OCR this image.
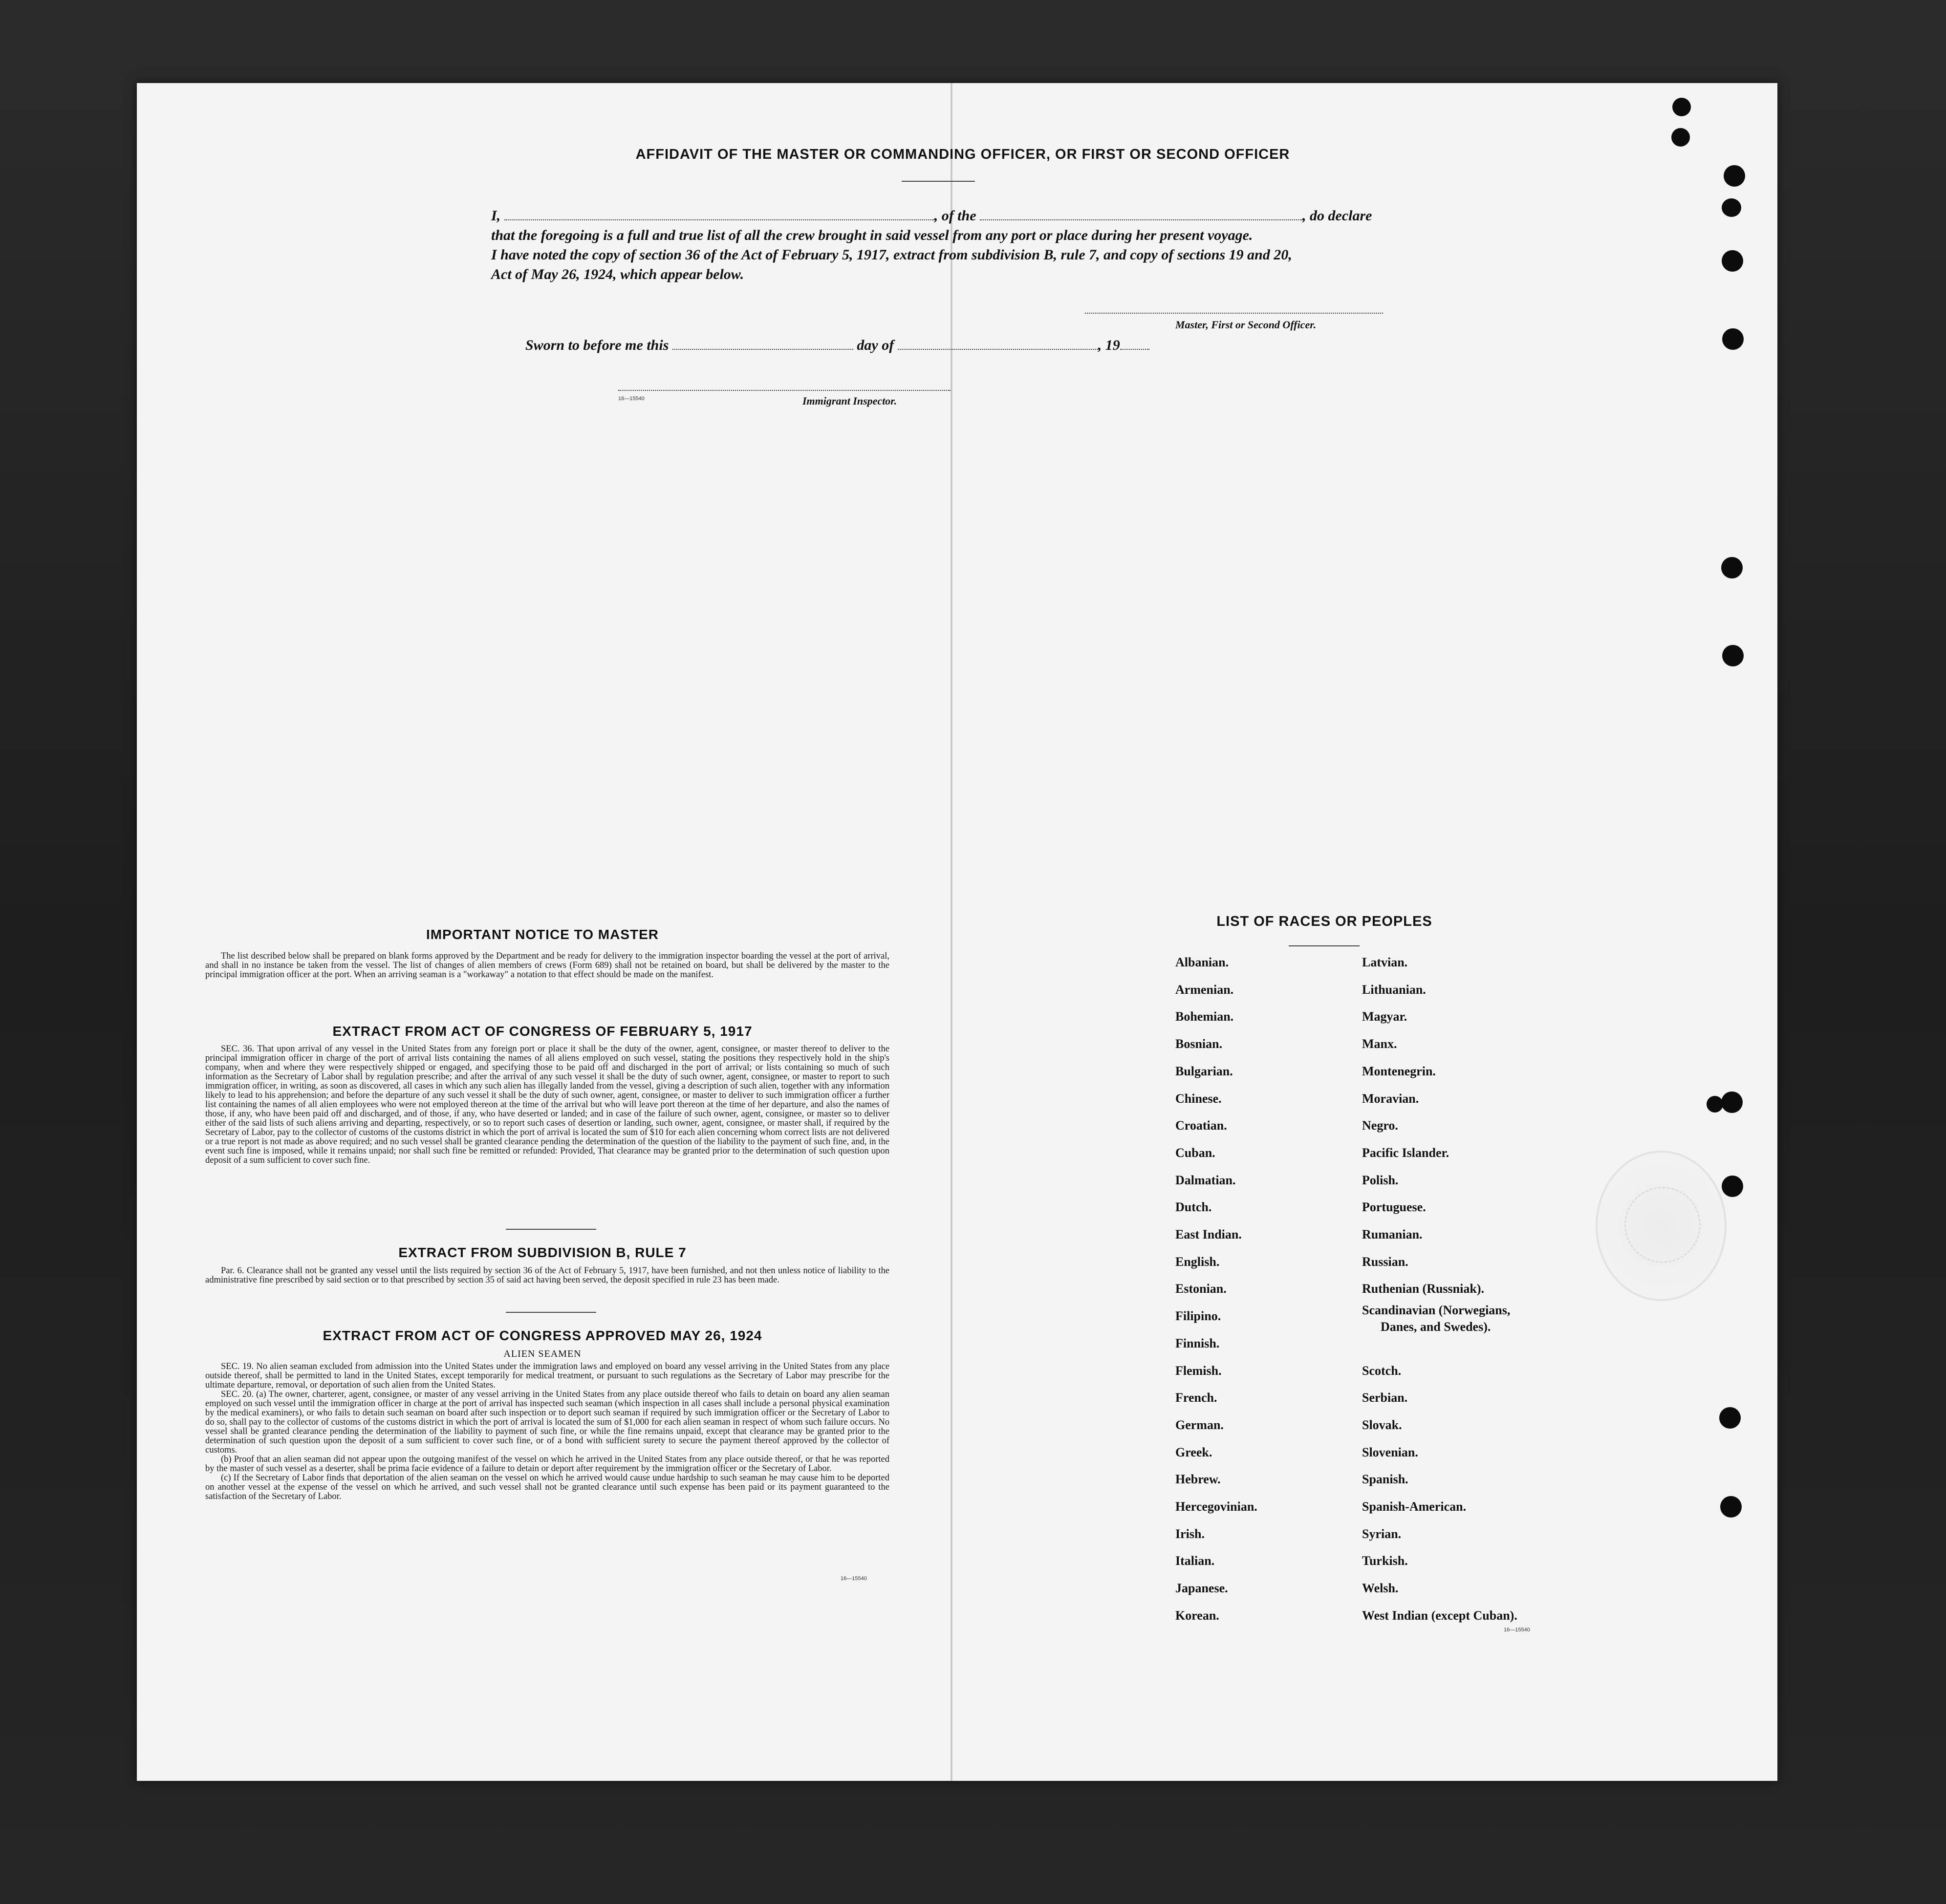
AFFIDAVIT OF THE MASTER OR COMMANDING OFFICER, OR FIRST OR SECOND OFFICER
I,	, of the	, do declare
that the foregoing is a full and true list of all the crew brought in said vessel from any port or place during her present voyage.
I have noted the copy of section 36 of the Act of February 5, 1917, extract from subdivision B, rule 7, and copy of sections 19 and 20,
Act of May 26, 1924, which appear below.
Master, First or Second Officer.
Sworn to before me this	day of	, 19
16—15540	Immigrant Inspector.
IMPORTANT NOTICE TO MASTER

The list described below shall be prepared on blank forms approved by the Department and be ready for delivery to the immigration inspector boarding the vessel at the port of arrival, and shall in no instance be taken from the vessel. The list of changes of alien members of crews (Form 689) shall not be retained on board, but shall be delivered by the master to the principal immigration officer at the port. When an arriving seaman is a "workaway" a notation to that effect should be made on the manifest.

EXTRACT FROM ACT OF CONGRESS OF FEBRUARY 5, 1917

SEC. 36. That upon arrival of any vessel in the United States from any foreign port or place it shall be the duty of the owner, agent, consignee, or master thereof to deliver to the principal immigration officer in charge of the port of arrival lists containing the names of all aliens employed on such vessel, stating the positions they respectively hold in the ship's company, when and where they were respectively shipped or engaged, and specifying those to be paid off and discharged in the port of arrival; or lists containing so much of such information as the Secretary of Labor shall by regulation prescribe; and after the arrival of any such vessel it shall be the duty of such owner, agent, consignee, or master to report to such immigration officer, in writing, as soon as discovered, all cases in which any such alien has illegally landed from the vessel, giving a description of such alien, together with any information likely to lead to his apprehension; and before the departure of any such vessel it shall be the duty of such owner, agent, consignee, or master to deliver to such immigration officer a further list containing the names of all alien employees who were not employed thereon at the time of the arrival but who will leave port thereon at the time of her departure, and also the names of those, if any, who have been paid off and discharged, and of those, if any, who have deserted or landed; and in case of the failure of such owner, agent, consignee, or master so to deliver either of the said lists of such aliens arriving and departing, respectively, or so to report such cases of desertion or landing, such owner, agent, consignee, or master shall, if required by the Secretary of Labor, pay to the collector of customs of the customs district in which the port of arrival is located the sum of $10 for each alien concerning whom correct lists are not delivered or a true report is not made as above required; and no such vessel shall be granted clearance pending the determination of the question of the liability to the payment of such fine, and, in the event such fine is imposed, while it remains unpaid; nor shall such fine be remitted or refunded: Provided, That clearance may be granted prior to the determination of such question upon deposit of a sum sufficient to cover such fine.

EXTRACT FROM SUBDIVISION B, RULE 7

Par. 6. Clearance shall not be granted any vessel until the lists required by section 36 of the Act of February 5, 1917, have been furnished, and not then unless notice of liability to the administrative fine prescribed by said section or to that prescribed by section 35 of said act having been served, the deposit specified in rule 23 has been made.

EXTRACT FROM ACT OF CONGRESS APPROVED MAY 26, 1924
ALIEN SEAMEN

SEC. 19. No alien seaman excluded from admission into the United States under the immigration laws and employed on board any vessel arriving in the United States from any place outside thereof, shall be permitted to land in the United States, except temporarily for medical treatment, or pursuant to such regulations as the Secretary of Labor may prescribe for the ultimate departure, removal, or deportation of such alien from the United States.

SEC. 20. (a) The owner, charterer, agent, consignee, or master of any vessel arriving in the United States from any place outside thereof who fails to detain on board any alien seaman employed on such vessel until the immigration officer in charge at the port of arrival has inspected such seaman (which inspection in all cases shall include a personal physical examination by the medical examiners), or who fails to detain such seaman on board after such inspection or to deport such seaman if required by such immigration officer or the Secretary of Labor to do so, shall pay to the collector of customs of the customs district in which the port of arrival is located the sum of $1,000 for each alien seaman in respect of whom such failure occurs. No vessel shall be granted clearance pending the determination of the liability to payment of such fine, or while the fine remains unpaid, except that clearance may be granted prior to the determination of such question upon the deposit of a sum sufficient to cover such fine, or of a bond with sufficient surety to secure the payment thereof approved by the collector of customs.

(b) Proof that an alien seaman did not appear upon the outgoing manifest of the vessel on which he arrived in the United States from any place outside thereof, or that he was reported by the master of such vessel as a deserter, shall be prima facie evidence of a failure to detain or deport after requirement by the immigration officer or the Secretary of Labor.

(c) If the Secretary of Labor finds that deportation of the alien seaman on the vessel on which he arrived would cause undue hardship to such seaman he may cause him to be deported on another vessel at the expense of the vessel on which he arrived, and such vessel shall not be granted clearance until such expense has been paid or its payment guaranteed to the satisfaction of the Secretary of Labor.

16—15540
LIST OF RACES OR PEOPLES
16—15540
Albanian.
Armenian.
Bohemian.
Bosnian.
Bulgarian.
Chinese.
Croatian.
Cuban.
Dalmatian.
Dutch.
East Indian.
English.
Estonian.
Filipino.
Finnish.
Flemish.
French.
German.
Greek.
Hebrew.
Hercegovinian.
Irish.
Italian.
Japanese.
Korean.
Latvian.
Lithuanian.
Magyar.
Manx.
Montenegrin.
Moravian.
Negro.
Pacific Islander.
Polish.
Portuguese.
Rumanian.
Russian.
Ruthenian (Russniak).
Scandinavian (Norwegians,
Danes, and Swedes).
Scotch.
Serbian.
Slovak.
Slovenian.
Spanish.
Spanish-American.
Syrian.
Turkish.
Welsh.
West Indian (except Cuban).
